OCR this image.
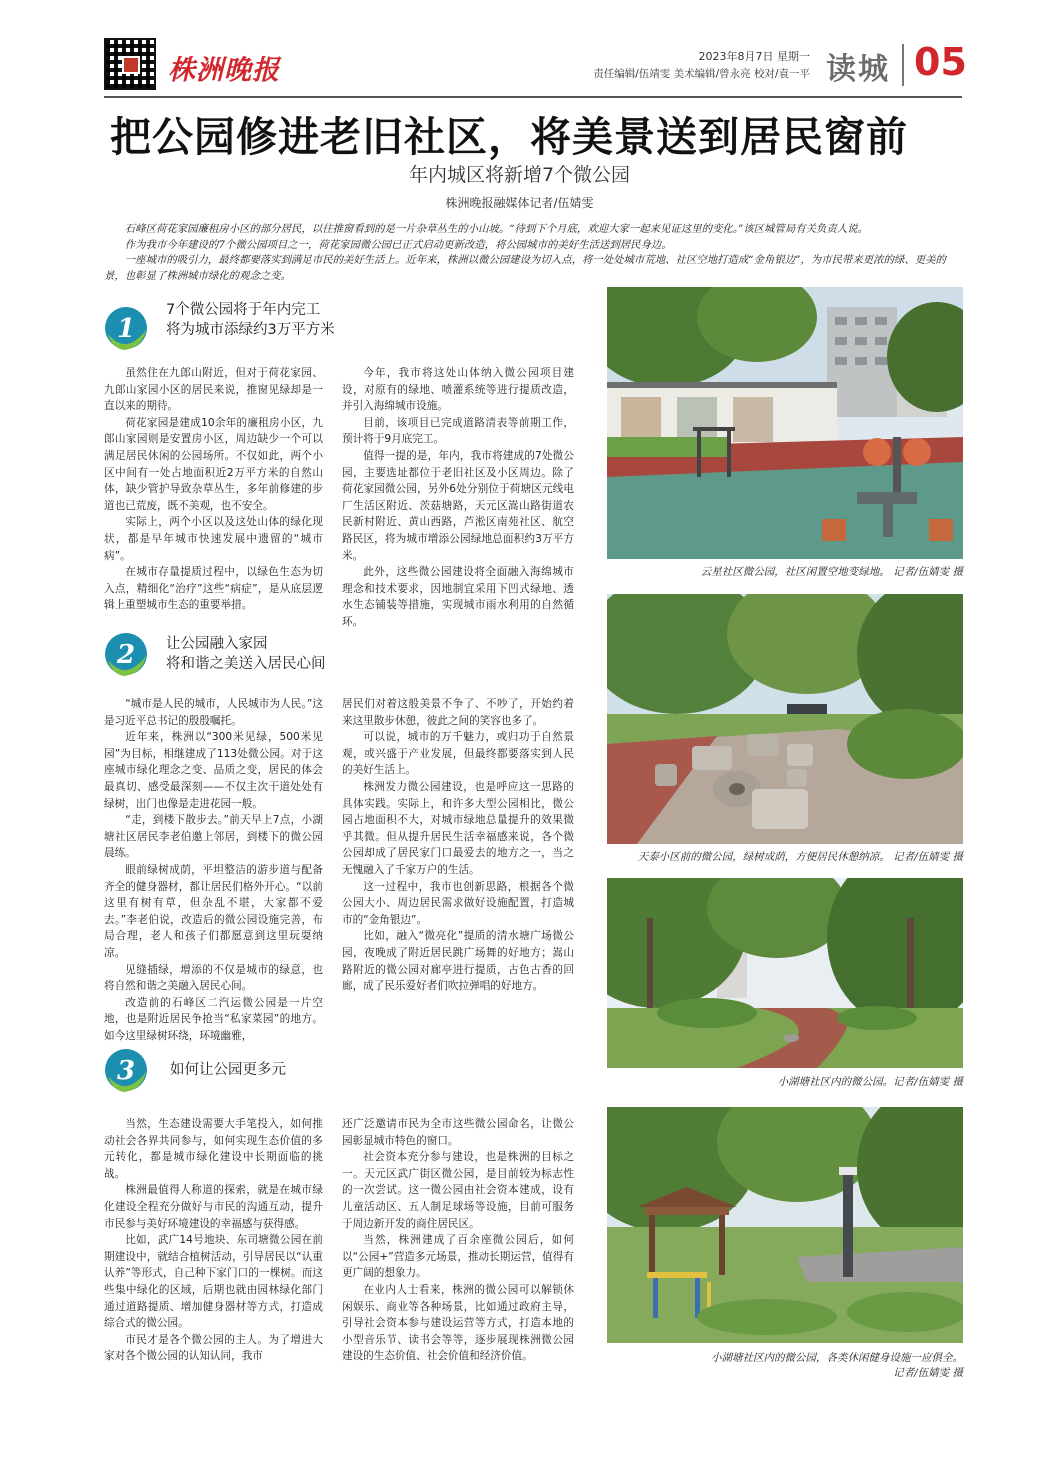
株洲晚报	2023年8月7日 星期一
责任编辑/伍靖雯 美术编辑/曾永亮 校对/袁一平 读城 05
把公园修进老旧社区，将美景送到居民窗前
年内城区将新增7个微公园
株洲晚报融媒体记者/伍婧雯

石峰区荷花家园廉租房小区的部分居民，以往推窗看到的是一片杂草丛生的小山坡。“待到下个月底，欢迎大家一起来见证这里的变化。”该区城管局有关负责人说。

作为我市今年建设的7个微公园项目之一，荷花家园微公园已正式启动更新改造，将公园城市的美好生活送到居民身边。

一座城市的吸引力，最终都要落实到满足市民的美好生活上。近年来，株洲以微公园建设为切入点，将一处处城市荒地、社区空地打造成“金角银边”，为市民带来更浓的绿、更美的景，也彰显了株洲城市绿化的观念之变。

1
7个微公园将于年内完工
将为城市添绿约3万平方米

虽然住在九郎山附近，但对于荷花家园、九郎山家园小区的居民来说，推窗见绿却是一直以来的期待。

荷花家园是建成10余年的廉租房小区，九郎山家园则是安置房小区，周边缺少一个可以满足居民休闲的公园场所。不仅如此，两个小区中间有一处占地面积近2万平方米的自然山体，缺少管护导致杂草丛生，多年前修建的步道也已荒废，既不美观，也不安全。

实际上，两个小区以及这处山体的绿化现状，都是早年城市快速发展中遗留的“城市病”。

在城市存量提质过程中，以绿色生态为切入点，精细化“治疗”这些“病症”，是从底层逻辑上重塑城市生态的重要举措。

今年，我市将这处山体纳入微公园项目建设，对原有的绿地、喷灌系统等进行提质改造，并引入海绵城市设施。

目前，该项目已完成道路清表等前期工作，预计将于9月底完工。

值得一提的是，年内，我市将建成的7处微公园，主要选址都位于老旧社区及小区周边。除了荷花家园微公园，另外6处分别位于荷塘区元线电厂生活区附近、茨菇塘路，天元区嵩山路街道农民新村附近、黄山西路，芦淞区南苑社区、航空路民区，将为城市增添公园绿地总面积约3万平方米。

此外，这些微公园建设将全面融入海绵城市理念和技术要求，因地制宜采用下凹式绿地、透水生态铺装等措施，实现城市雨水利用的自然循环。

2 让公园融入家园
将和谐之美送入居民心间

“城市是人民的城市，人民城市为人民。”这是习近平总书记的殷殷嘱托。

近年来，株洲以“300米见绿，500米见园”为目标，相继建成了113处微公园。对于这座城市绿化理念之变、品质之变，居民的体会最真切、感受最深刻——不仅主次干道处处有绿树，出门也像是走进花园一般。

“走，到楼下散步去。”前天早上7点，小湖塘社区居民李老伯邀上邻居，到楼下的微公园晨练。

眼前绿树成荫，平坦整洁的游步道与配备齐全的健身器材，都让居民们格外开心。“以前这里有树有草，但杂乱不堪，大家都不爱去。”李老伯说，改造后的微公园设施完善，布局合理，老人和孩子们都愿意到这里玩耍纳凉。

见缝插绿，增添的不仅是城市的绿意，也将自然和谐之美融入居民心间。

改造前的石峰区二汽运微公园是一片空地，也是附近居民争抢当“私家菜园”的地方。如今这里绿树环绕，环境幽雅，

居民们对着这般美景不争了、不吵了，开始约着来这里散步休憩，彼此之间的笑容也多了。

可以说，城市的万千魅力，或归功于自然景观，或兴盛于产业发展，但最终都要落实到人民的美好生活上。

株洲发力微公园建设，也是呼应这一思路的具体实践。实际上，和许多大型公园相比，微公园占地面积不大，对城市绿地总量提升的效果微乎其微。但从提升居民生活幸福感来说，各个微公园却成了居民家门口最爱去的地方之一，当之无愧融入了千家万户的生活。

这一过程中，我市也创新思路，根据各个微公园大小、周边居民需求做好设施配置，打造城市的“金角银边”。

比如，融入“微亮化”提质的清水塘广场微公园，夜晚成了附近居民跳广场舞的好地方；嵩山路附近的微公园对廊亭进行提质，古色古香的回廊，成了民乐爱好者们吹拉弹唱的好地方。

3 如何让公园更多元

当然，生态建设需要大手笔投入，如何推动社会各界共同参与，如何实现生态价值的多元转化，都是城市绿化建设中长期面临的挑战。

株洲最值得人称道的探索，就是在城市绿化建设全程充分做好与市民的沟通互动，提升市民参与美好环境建设的幸福感与获得感。

比如，武广14号地块、东司塘微公园在前期建设中，就结合植树活动，引导居民以“认重认养”等形式，自己种下家门口的一棵树。而这些集中绿化的区域，后期也就由园林绿化部门通过道路提质、增加健身器材等方式，打造成综合式的微公园。

市民才是各个微公园的主人。为了增进大家对各个微公园的认知认同，我市

还广泛邀请市民为全市这些微公园命名，让微公园彰显城市特色的窗口。

社会资本充分参与建设，也是株洲的目标之一。天元区武广街区微公园，是目前较为标志性的一次尝试。这一微公园由社会资本建成，设有儿童活动区、五人制足球场等设施，目前可服务于周边新开发的商住居民区。

当然，株洲建成了百余座微公园后，如何以“公园+”营造多元场景，推动长期运营，值得有更广阔的想象力。

在业内人士看来，株洲的微公园可以解锁休闲娱乐、商业等各种场景，比如通过政府主导，引导社会资本参与建设运营等方式，打造本地的小型音乐节、读书会等等，逐步展现株洲微公园建设的生态价值、社会价值和经济价值。

云星社区微公园，社区闲置空地变绿地。 记者/伍婧雯 摄
天泰小区前的微公园，绿树成荫，方便居民休憩纳凉。 记者/伍婧雯 摄
小湖塘社区内的微公园。记者/伍婧雯 摄
小湖塘社区内的微公园，各类休闲健身设施一应俱全。
记者/伍婧雯 摄
